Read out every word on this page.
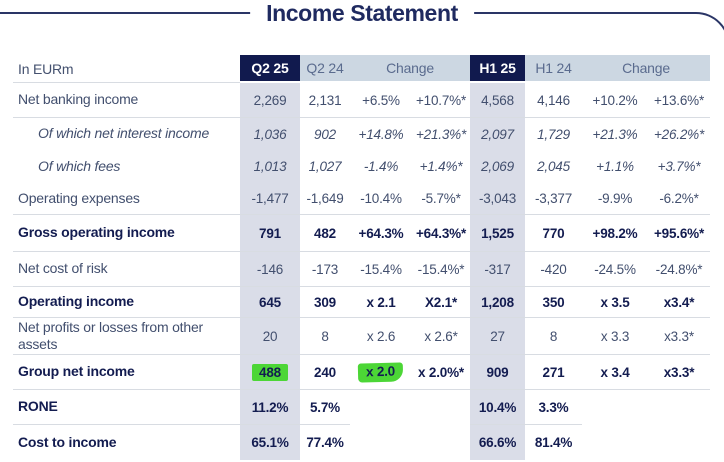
Income Statement
In EURm	Q2 25	Q2 24	Change		H1 25	H1 24	Change	
Net banking income	2,269	2,131	+6.5%	+10.7%*	4,568	4,146	+10.2%	+13.6%*
Of which net interest income	1,036	902	+14.8%	+21.3%*	2,097	1,729	+21.3%	+26.2%*
Of which fees	1,013	1,027	-1.4%	+1.4%*	2,069	2,045	+1.1%	+3.7%*
Operating expenses	-1,477	-1,649	-10.4%	-5.7%*	-3,043	-3,377	-9.9%	-6.2%*
Gross operating income	791	482	+64.3%	+64.3%*	1,525	770	+98.2%	+95.6%*
Net cost of risk	-146	-173	-15.4%	-15.4%*	-317	-420	-24.5%	-24.8%*
Operating income	645	309	x 2.1	X2.1*	1,208	350	x 3.5	x3.4*
Net profits or losses from other assets	20	8	x 2.6	x 2.6*	27	8	x 3.3	x3.3*
Group net income	488	240	x 2.0	x 2.0%*	909	271	x 3.4	x3.3*
RONE	11.2%	5.7%			10.4%	3.3%		
Cost to income	65.1%	77.4%			66.6%	81.4%		
